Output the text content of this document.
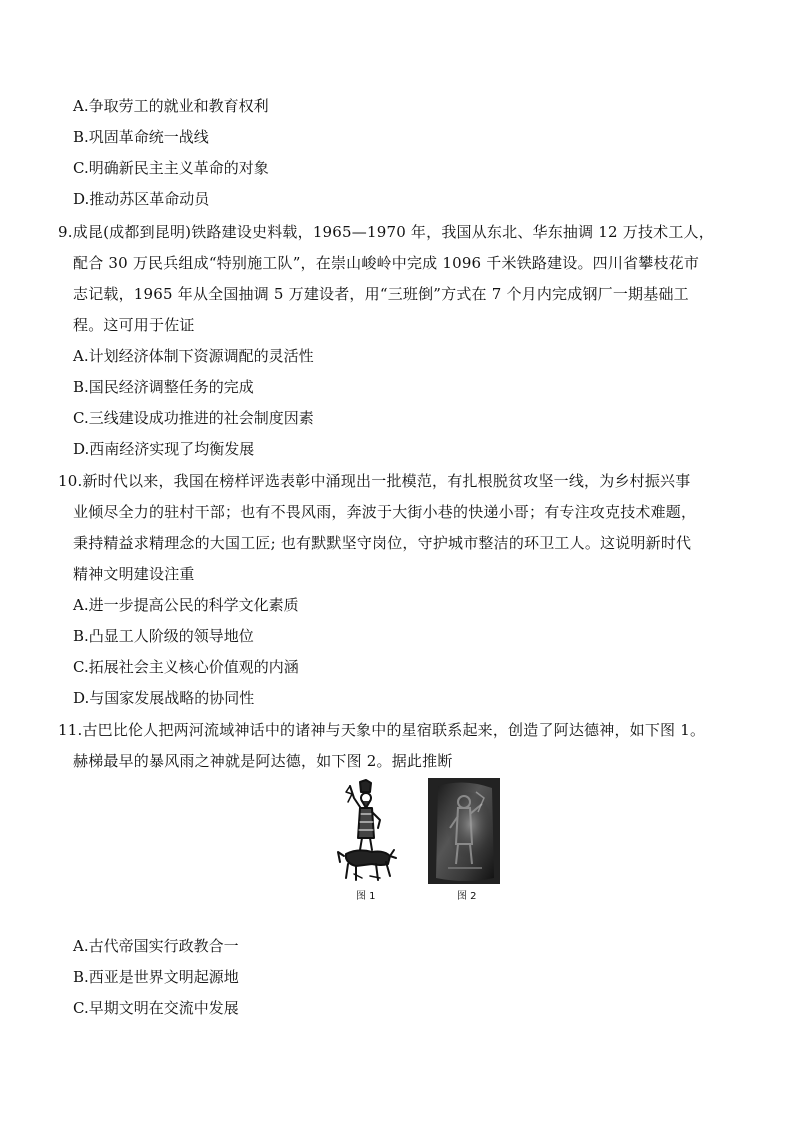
A.争取劳工的就业和教育权利
B.巩固革命统一战线
C.明确新民主主义革命的对象
D.推动苏区革命动员
9.成昆(成都到昆明)铁路建设史料载，1965—1970 年，我国从东北、华东抽调 12 万技术工人，
配合 30 万民兵组成“特别施工队”，在崇山峻岭中完成 1096 千米铁路建设。四川省攀枝花市
志记载，1965 年从全国抽调 5 万建设者，用“三班倒”方式在 7 个月内完成钢厂一期基础工
程。这可用于佐证
A.计划经济体制下资源调配的灵活性
B.国民经济调整任务的完成
C.三线建设成功推进的社会制度因素
D.西南经济实现了均衡发展
10.新时代以来，我国在榜样评选表彰中涌现出一批模范，有扎根脱贫攻坚一线，为乡村振兴事
业倾尽全力的驻村干部；也有不畏风雨，奔波于大街小巷的快递小哥；有专注攻克技术难题，
秉持精益求精理念的大国工匠; 也有默默坚守岗位，守护城市整洁的环卫工人。这说明新时代
精神文明建设注重
A.进一步提高公民的科学文化素质
B.凸显工人阶级的领导地位
C.拓展社会主义核心价值观的内涵
D.与国家发展战略的协同性
11.古巴比伦人把两河流域神话中的诸神与天象中的星宿联系起来，创造了阿达德神，如下图 1。
赫梯最早的暴风雨之神就是阿达德，如下图 2。据此推断
图 1	图 2
A.古代帝国实行政教合一
B.西亚是世界文明起源地
C.早期文明在交流中发展
